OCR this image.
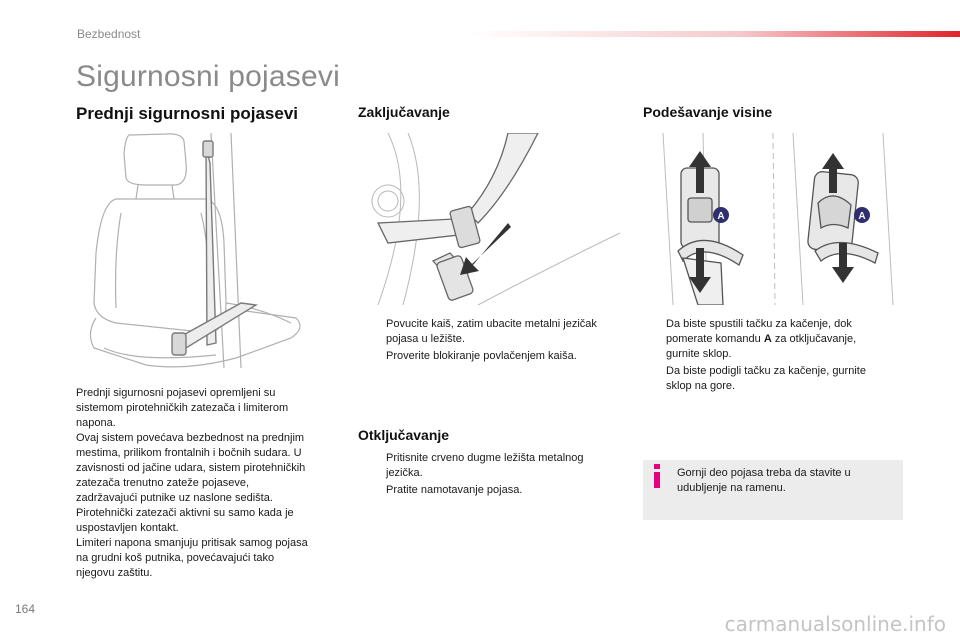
Bezbednost
Sigurnosni pojasevi
Prednji sigurnosni pojasevi
Prednji sigurnosni pojasevi opremljeni su
sistemom pirotehničkih zatezača i limiterom
napona.
Ovaj sistem povećava bezbednost na prednjim
mestima, prilikom frontalnih i bočnih sudara. U
zavisnosti od jačine udara, sistem pirotehničkih
zatezača trenutno zateže pojaseve,
zadržavajući putnike uz naslone sedišta.
Pirotehnički zatezači aktivni su samo kada je
uspostavljen kontakt.
Limiteri napona smanjuju pritisak samog pojasa
na grudni koš putnika, povećavajući tako
njegovu zaštitu.
Zaključavanje
Povucite kaiš, zatim ubacite metalni jezičak
pojasa u ležište.
Proverite blokiranje povlačenjem kaiša.
Otključavanje
Pritisnite crveno dugme ležišta metalnog
jezička.
Pratite namotavanje pojasa.
Podešavanje visine
A	A
Da biste spustili tačku za kačenje, dok
pomerate komandu A za otključavanje,
gurnite sklop.
Da biste podigli tačku za kačenje, gurnite
sklop na gore.
Gornji deo pojasa treba da stavite u
udubljenje na ramenu.
164
carmanualsonline.info
